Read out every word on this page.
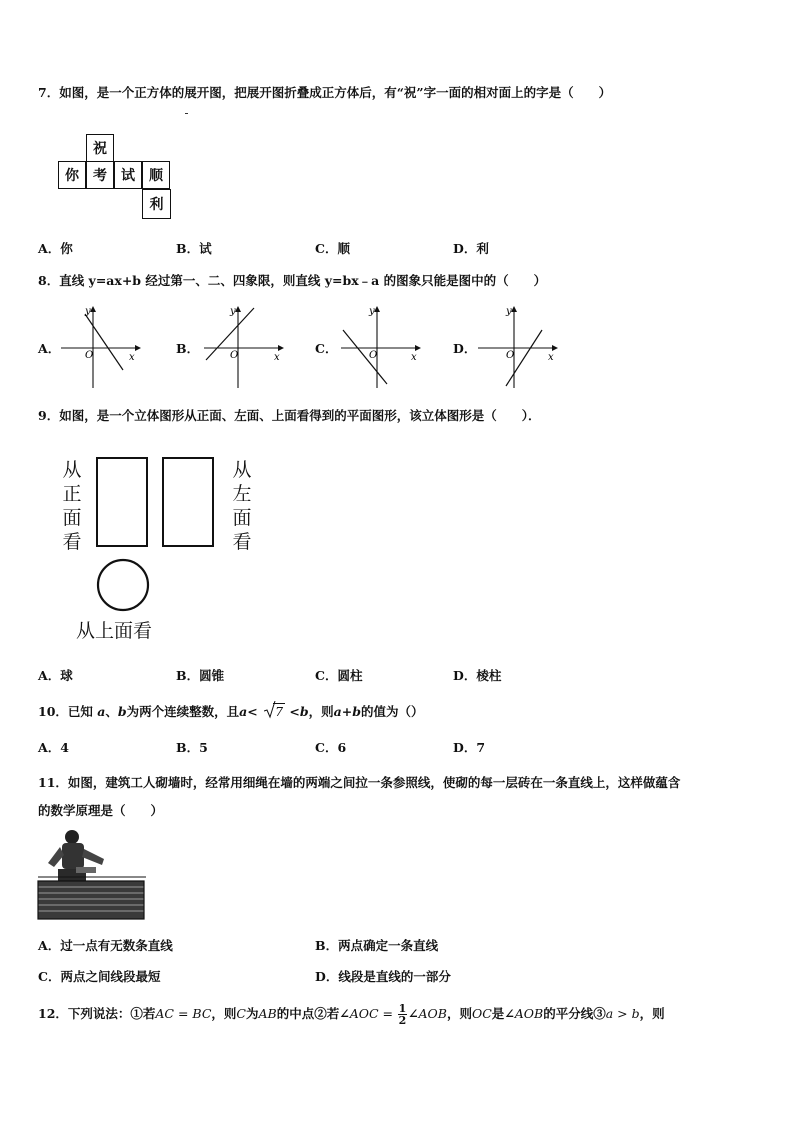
7．如图，是一个正方体的展开图，把展开图折叠成正方体后，有“祝”字一面的相对面上的字是（　　）
祝
你	考	试	顺
利
A．你	B．试	C．顺	D．利
8．直线 y=ax+b 经过第一、二、四象限，则直线 y=bx﹣a 的图象只能是图中的（　　）
A． O	x
y
B．	O	x
y
C．	O	x
y
D．	O	x
y
9．如图，是一个立体图形从正面、左面、上面看得到的平面图形，该立体图形是（　　）．
从
正
面
看
从
左
面
看
从上面看
A．球	B．圆锥	C．圆柱	D．棱柱
10．已知 a、b为两个连续整数，且a< 7 <b，则a+b的值为（）
A．4	B．5	C．6	D．7
11．如图，建筑工人砌墙时，经常用细绳在墙的两端之间拉一条参照线，使砌的每一层砖在一条直线上，这样做蕴含
的数学原理是（　　）
A．过一点有无数条直线	B．两点确定一条直线
C．两点之间线段最短	D．线段是直线的一部分
12．下列说法：①若AC = BC，则C为AB的中点②若∠AOC = $\frac{1}{2}$ ∠AOB，则OC是∠AOB的平分线③a > b，则
